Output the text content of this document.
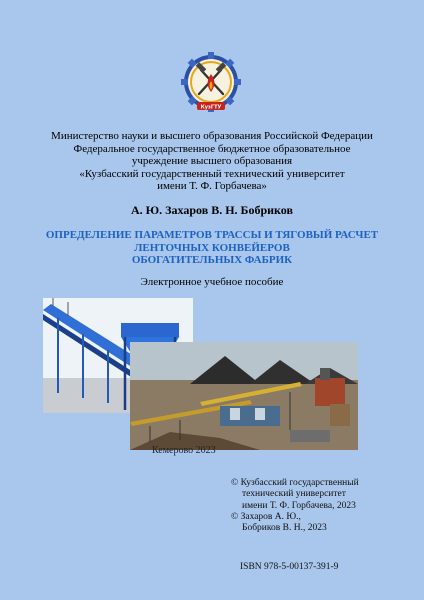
КузГТУ
Министерство науки и высшего образования Российской Федерации
Федеральное государственное бюджетное образовательное
учреждение высшего образования
«Кузбасский государственный технический университет
имени Т. Ф. Горбачева»
А. Ю. Захаров В. Н. Бобриков
ОПРЕДЕЛЕНИЕ ПАРАМЕТРОВ ТРАССЫ И ТЯГОВЫЙ РАСЧЕТ
ЛЕНТОЧНЫХ КОНВЕЙЕРОВ
ОБОГАТИТЕЛЬНЫХ ФАБРИК
Электронное учебное пособие
Кемерово 2023
© Кузбасский государственный
технический университет
имени Т. Ф. Горбачева, 2023
© Захаров А. Ю.,
Бобриков В. Н., 2023
ISBN 978-5-00137-391-9
